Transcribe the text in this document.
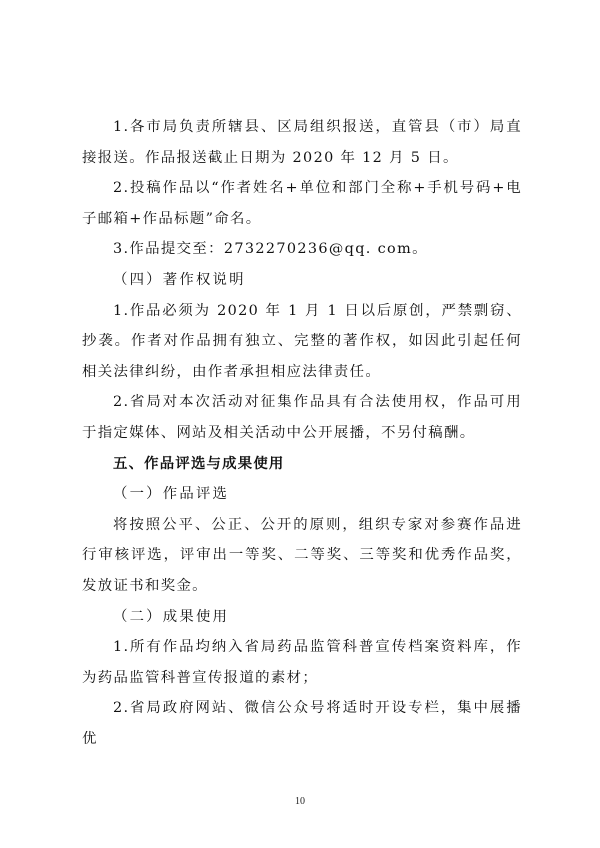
1.各市局负责所辖县、区局组织报送，直管县（市）局直接报送。作品报送截止日期为 2020 年 12 月 5 日。

2.投稿作品以“作者姓名+单位和部门全称+手机号码+电子邮箱+作品标题”命名。

3.作品提交至：2732270236@qq. com。

（四）著作权说明

1.作品必须为 2020 年 1 月 1 日以后原创，严禁剽窃、抄袭。作者对作品拥有独立、完整的著作权，如因此引起任何相关法律纠纷，由作者承担相应法律责任。

2.省局对本次活动对征集作品具有合法使用权，作品可用于指定媒体、网站及相关活动中公开展播，不另付稿酬。

五、作品评选与成果使用

（一）作品评选

将按照公平、公正、公开的原则，组织专家对参赛作品进行审核评选，评审出一等奖、二等奖、三等奖和优秀作品奖，发放证书和奖金。

（二）成果使用

1.所有作品均纳入省局药品监管科普宣传档案资料库，作为药品监管科普宣传报道的素材；

2.省局政府网站、微信公众号将适时开设专栏，集中展播优

10
